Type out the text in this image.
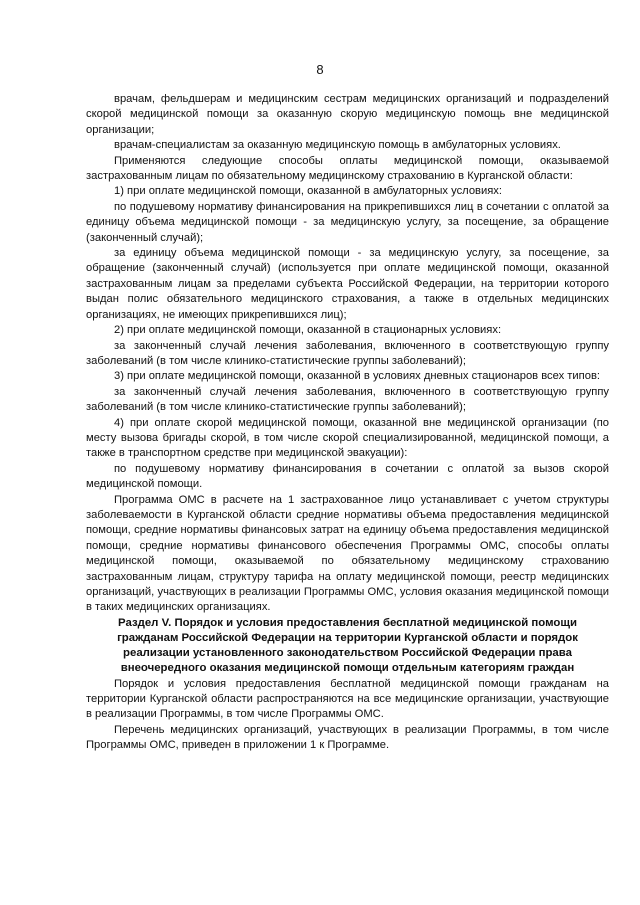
8

врачам, фельдшерам и медицинским сестрам медицинских организаций и подразделений скорой медицинской помощи за оказанную скорую медицинскую помощь вне медицинской организации;

врачам-специалистам за оказанную медицинскую помощь в амбулаторных условиях.

Применяются следующие способы оплаты медицинской помощи, оказываемой застрахованным лицам по обязательному медицинскому страхованию в Курганской области:

1) при оплате медицинской помощи, оказанной в амбулаторных условиях:

по подушевому нормативу финансирования на прикрепившихся лиц в сочетании с оплатой за единицу объема медицинской помощи - за медицинскую услугу, за посещение, за обращение (законченный случай);

за единицу объема медицинской помощи - за медицинскую услугу, за посещение, за обращение (законченный случай) (используется при оплате медицинской помощи, оказанной застрахованным лицам за пределами субъекта Российской Федерации, на территории которого выдан полис обязательного медицинского страхования, а также в отдельных медицинских организациях, не имеющих прикрепившихся лиц);

2) при оплате медицинской помощи, оказанной в стационарных условиях:

за законченный случай лечения заболевания, включенного в соответствующую группу заболеваний (в том числе клинико-статистические группы заболеваний);

3) при оплате медицинской помощи, оказанной в условиях дневных стационаров всех типов:

за законченный случай лечения заболевания, включенного в соответствующую группу заболеваний (в том числе клинико-статистические группы заболеваний);

4) при оплате скорой медицинской помощи, оказанной вне медицинской организации (по месту вызова бригады скорой, в том числе скорой специализированной, медицинской помощи, а также в транспортном средстве при медицинской эвакуации):

по подушевому нормативу финансирования в сочетании с оплатой за вызов скорой медицинской помощи.

Программа ОМС в расчете на 1 застрахованное лицо устанавливает с учетом структуры заболеваемости в Курганской области средние нормативы объема предоставления медицинской помощи, средние нормативы финансовых затрат на единицу объема предоставления медицинской помощи, средние нормативы финансового обеспечения Программы ОМС, способы оплаты медицинской помощи, оказываемой по обязательному медицинскому страхованию застрахованным лицам, структуру тарифа на оплату медицинской помощи, реестр медицинских организаций, участвующих в реализации Программы ОМС, условия оказания медицинской помощи в таких медицинских организациях.

Раздел V. Порядок и условия предоставления бесплатной медицинской помощи гражданам Российской Федерации на территории Курганской области и порядок реализации установленного законодательством Российской Федерации права внеочередного оказания медицинской помощи отдельным категориям граждан

Порядок и условия предоставления бесплатной медицинской помощи гражданам на территории Курганской области распространяются на все медицинские организации, участвующие в реализации Программы, в том числе Программы ОМС.

Перечень медицинских организаций, участвующих в реализации Программы, в том числе Программы ОМС, приведен в приложении 1 к Программе.
